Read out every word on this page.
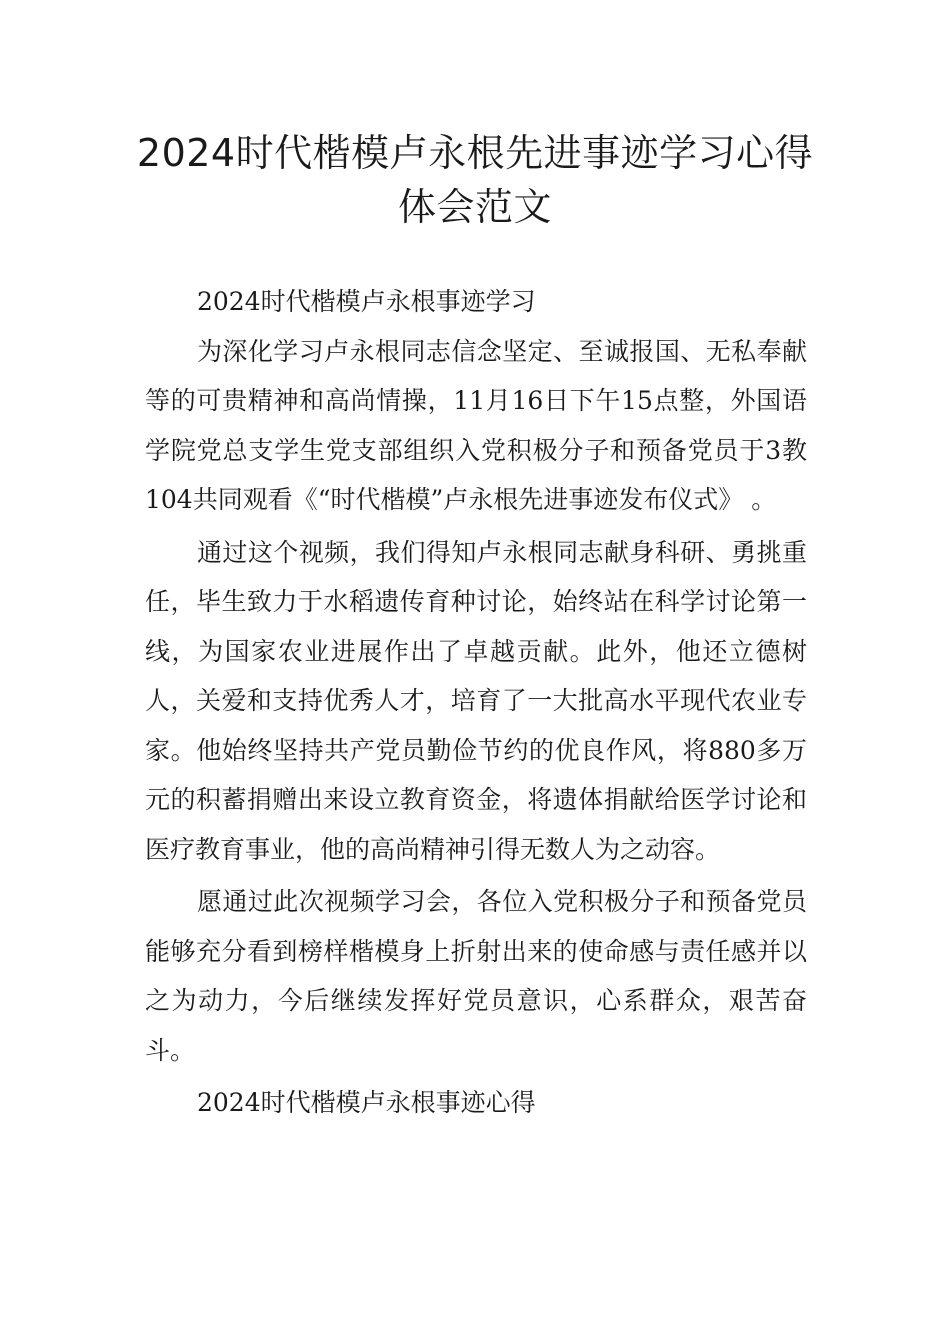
2024时代楷模卢永根先进事迹学习心得体会范文

2024时代楷模卢永根事迹学习

为深化学习卢永根同志信念坚定、至诚报国、无私奉献等的可贵精神和高尚情操，11月16日下午15点整，外国语学院党总支学生党支部组织入党积极分子和预备党员于3教104共同观看《“时代楷模”卢永根先进事迹发布仪式》 。

通过这个视频，我们得知卢永根同志献身科研、勇挑重任，毕生致力于水稻遗传育种讨论，始终站在科学讨论第一线，为国家农业进展作出了卓越贡献。此外，他还立德树人，关爱和支持优秀人才，培育了一大批高水平现代农业专家。他始终坚持共产党员勤俭节约的优良作风，将880多万元的积蓄捐赠出来设立教育资金，将遗体捐献给医学讨论和医疗教育事业，他的高尚精神引得无数人为之动容。

愿通过此次视频学习会，各位入党积极分子和预备党员能够充分看到榜样楷模身上折射出来的使命感与责任感并以之为动力，今后继续发挥好党员意识，心系群众，艰苦奋斗。

2024时代楷模卢永根事迹心得
